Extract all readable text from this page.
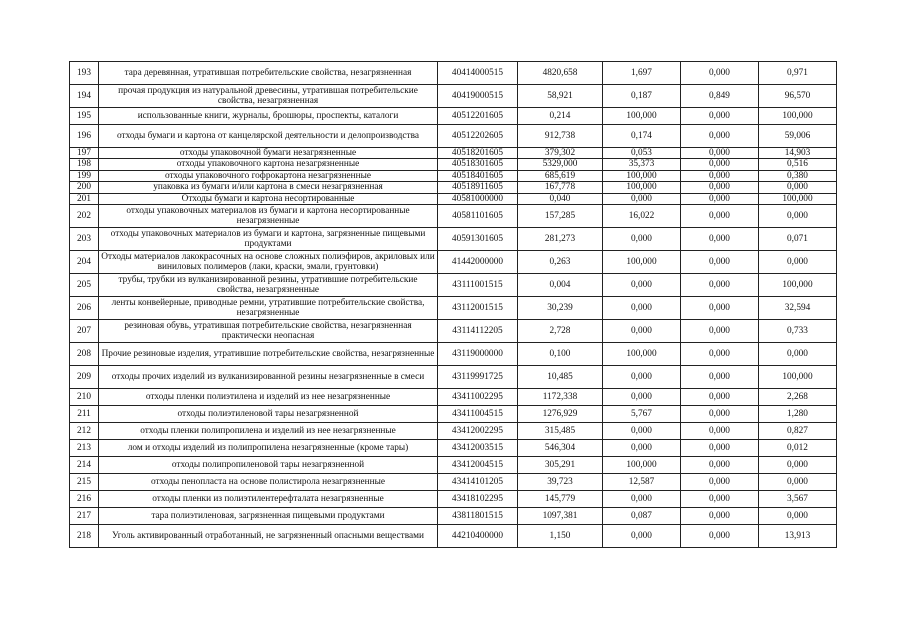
193	тара деревянная, утратившая потребительские свойства, незагрязненная	40414000515	4820,658	1,697	0,000	0,971
194	прочая продукция из натуральной древесины, утратившая потребительские свойства, незагрязненная	40419000515	58,921	0,187	0,849	96,570
195	использованные книги, журналы, брошюры, проспекты, каталоги	40512201605	0,214	100,000	0,000	100,000
196	отходы бумаги и картона от канцелярской деятельности и делопроизводства	40512202605	912,738	0,174	0,000	59,006
197	отходы упаковочной бумаги незагрязненные	40518201605	379,302	0,053	0,000	14,903
198	отходы упаковочного картона незагрязненные	40518301605	5329,000	35,373	0,000	0,516
199	отходы упаковочного гофрокартона незагрязненные	40518401605	685,619	100,000	0,000	0,380
200	упаковка из бумаги и/или картона в смеси незагрязненная	40518911605	167,778	100,000	0,000	0,000
201	Отходы бумаги и картона несортированные	40581000000	0,040	0,000	0,000	100,000
202	отходы упаковочных материалов из бумаги и картона несортированные незагрязненные	40581101605	157,285	16,022	0,000	0,000
203	отходы упаковочных материалов из бумаги и картона, загрязненные пищевыми продуктами	40591301605	281,273	0,000	0,000	0,071
204	Отходы материалов лакокрасочных на основе сложных полиэфиров, акриловых или виниловых полимеров (лаки, краски, эмали, грунтовки)	41442000000	0,263	100,000	0,000	0,000
205	трубы, трубки из вулканизированной резины, утратившие потребительские свойства, незагрязненные	43111001515	0,004	0,000	0,000	100,000
206	ленты конвейерные, приводные ремни, утратившие потребительские свойства, незагрязненные	43112001515	30,239	0,000	0,000	32,594
207	резиновая обувь, утратившая потребительские свойства, незагрязненная практически неопасная	43114112205	2,728	0,000	0,000	0,733
208	Прочие резиновые изделия, утратившие потребительские свойства, незагрязненные	43119000000	0,100	100,000	0,000	0,000
209	отходы прочих изделий из вулканизированной резины незагрязненные в смеси	43119991725	10,485	0,000	0,000	100,000
210	отходы пленки полиэтилена и изделий из нее незагрязненные	43411002295	1172,338	0,000	0,000	2,268
211	отходы полиэтиленовой тары незагрязненной	43411004515	1276,929	5,767	0,000	1,280
212	отходы пленки полипропилена и изделий из нее незагрязненные	43412002295	315,485	0,000	0,000	0,827
213	лом и отходы изделий из полипропилена незагрязненные (кроме тары)	43412003515	546,304	0,000	0,000	0,012
214	отходы полипропиленовой тары незагрязненной	43412004515	305,291	100,000	0,000	0,000
215	отходы пенопласта на основе полистирола незагрязненные	43414101205	39,723	12,587	0,000	0,000
216	отходы пленки из полиэтилентерефталата незагрязненные	43418102295	145,779	0,000	0,000	3,567
217	тара полиэтиленовая, загрязненная пищевыми продуктами	43811801515	1097,381	0,087	0,000	0,000
218	Уголь активированный отработанный, не загрязненный опасными веществами	44210400000	1,150	0,000	0,000	13,913
